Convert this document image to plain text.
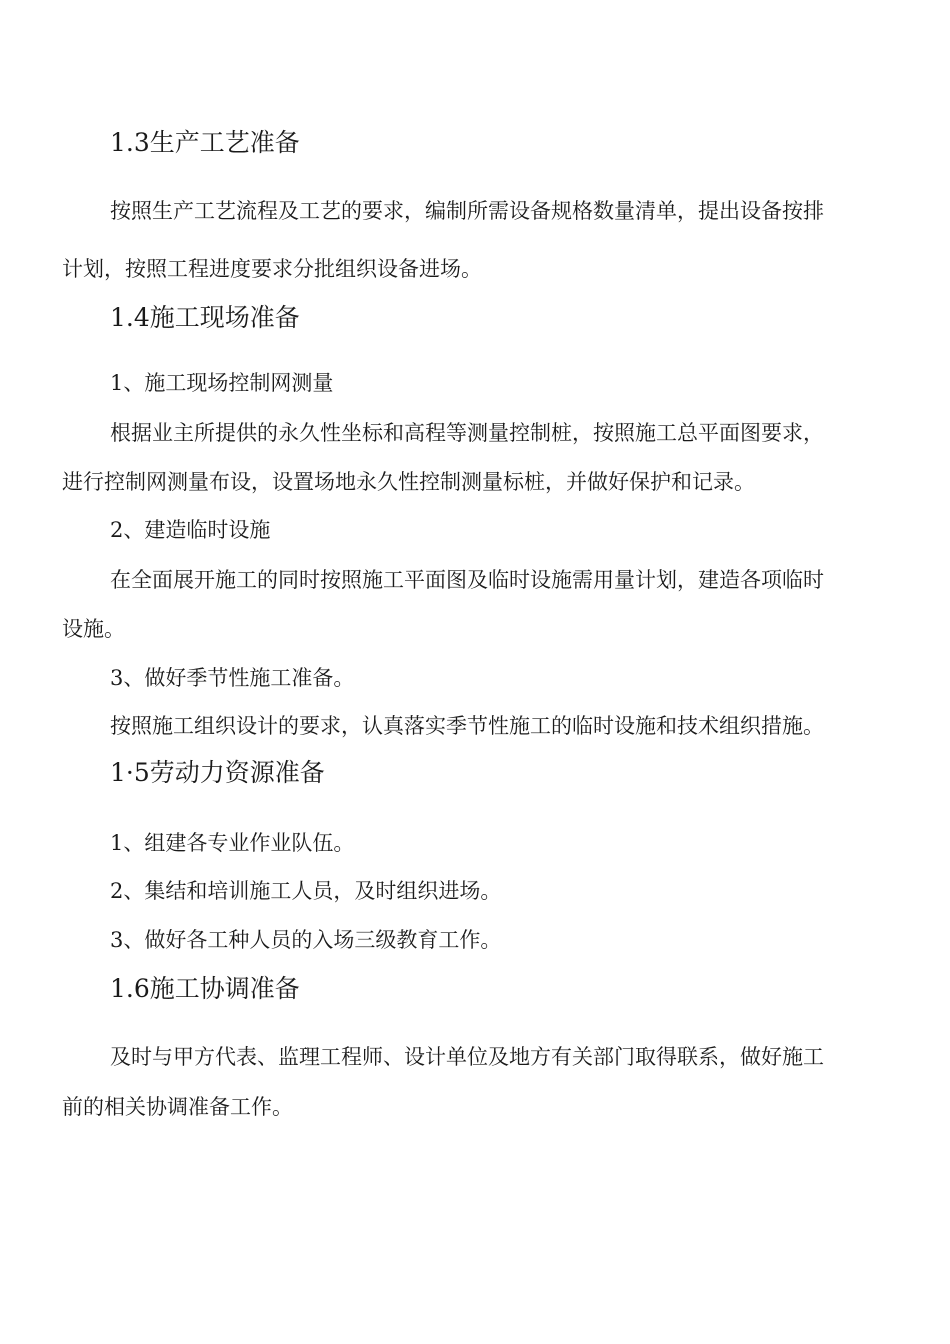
1.3生产工艺准备
按照生产工艺流程及工艺的要求，编制所需设备规格数量清单，提出设备按排
计划，按照工程进度要求分批组织设备进场。
1.4施工现场准备
1、施工现场控制网测量
根据业主所提供的永久性坐标和高程等测量控制桩，按照施工总平面图要求，
进行控制网测量布设，设置场地永久性控制测量标桩，并做好保护和记录。
2、建造临时设施
在全面展开施工的同时按照施工平面图及临时设施需用量计划，建造各项临时
设施。
3、做好季节性施工准备。
按照施工组织设计的要求，认真落实季节性施工的临时设施和技术组织措施。
1·5劳动力资源准备
1、组建各专业作业队伍。
2、集结和培训施工人员，及时组织进场。
3、做好各工种人员的入场三级教育工作。
1.6施工协调准备
及时与甲方代表、监理工程师、设计单位及地方有关部门取得联系，做好施工
前的相关协调准备工作。
